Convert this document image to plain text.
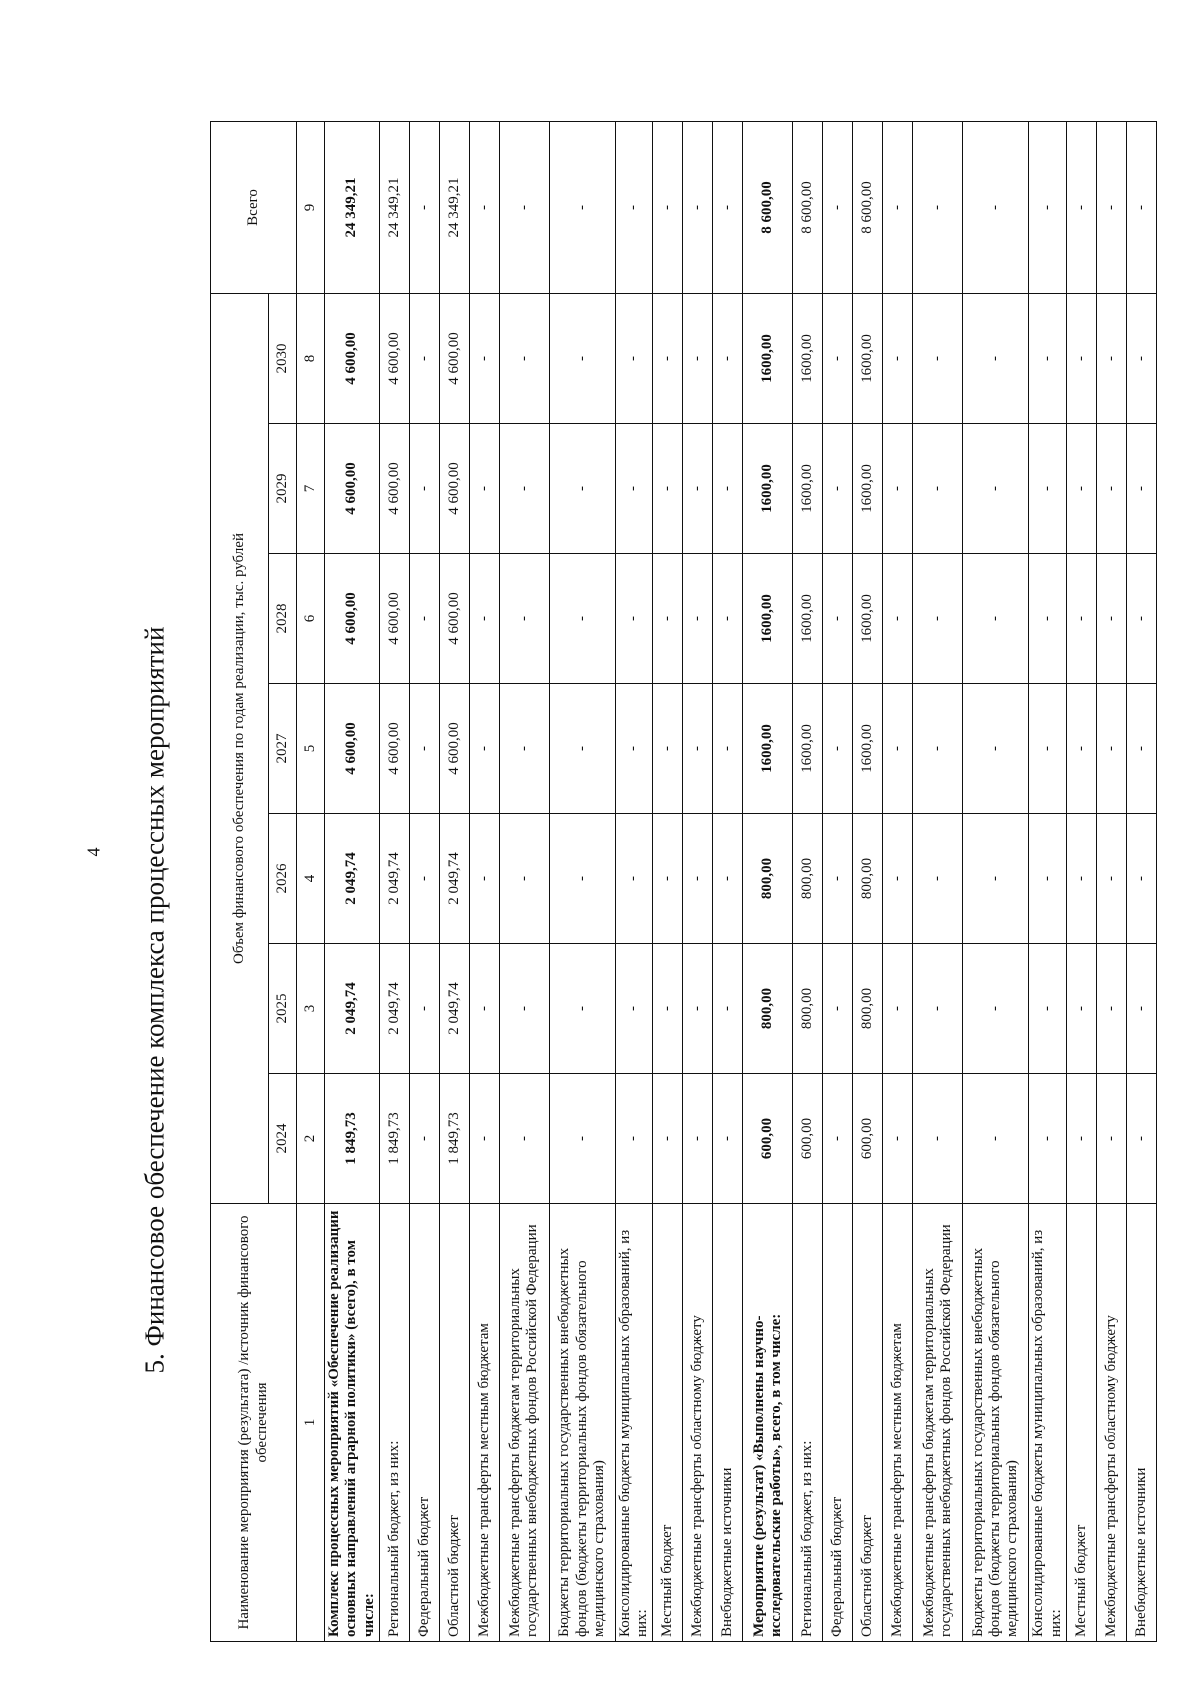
4 5. Финансовое обеспечение комплекса процессных мероприятий
Наименование мероприятия (результата) /источник финансового обеспечения	Объем финансового обеспечения по годам реализации, тыс. рублей							Всего
	2024	2025	2026	2027	2028	2029	2030	
1	2	3	4	5	6	7	8	9
Комплекс процессных мероприятий «Обеспечение реализации основных направлений аграрной политики» (всего), в том числе:	1 849,73	2 049,74	2 049,74	4 600,00	4 600,00	4 600,00	4 600,00	24 349,21
Региональный бюджет, из них:	1 849,73	2 049,74	2 049,74	4 600,00	4 600,00	4 600,00	4 600,00	24 349,21
Федеральный бюджет	-	-	-	-	-	-	-	-
Областной бюджет	1 849,73	2 049,74	2 049,74	4 600,00	4 600,00	4 600,00	4 600,00	24 349,21
Межбюджетные трансферты местным бюджетам	-	-	-	-	-	-	-	-
Межбюджетные трансферты бюджетам территориальных государственных внебюджетных фондов Российской Федерации	-	-	-	-	-	-	-	-
Бюджеты территориальных государственных внебюджетных фондов (бюджеты территориальных фондов обязательного медицинского страхования)	-	-	-	-	-	-	-	-
Консолидированные бюджеты муниципальных образований, из них:	-	-	-	-	-	-	-	-
Местный бюджет	-	-	-	-	-	-	-	-
Межбюджетные трансферты областному бюджету	-	-	-	-	-	-	-	-
Внебюджетные источники	-	-	-	-	-	-	-	-
Мероприятие (результат) «Выполнены научно-исследовательские работы», всего, в том числе:	600,00	800,00	800,00	1600,00	1600,00	1600,00	1600,00	8 600,00
Региональный бюджет, из них:	600,00	800,00	800,00	1600,00	1600,00	1600,00	1600,00	8 600,00
Федеральный бюджет	-	-	-	-	-	-	-	-
Областной бюджет	600,00	800,00	800,00	1600,00	1600,00	1600,00	1600,00	8 600,00
Межбюджетные трансферты местным бюджетам	-	-	-	-	-	-	-	-
Межбюджетные трансферты бюджетам территориальных государственных внебюджетных фондов Российской Федерации	-	-	-	-	-	-	-	-
Бюджеты территориальных государственных внебюджетных фондов (бюджеты территориальных фондов обязательного медицинского страхования)	-	-	-	-	-	-	-	-
Консолидированные бюджеты муниципальных образований, из них:	-	-	-	-	-	-	-	-
Местный бюджет	-	-	-	-	-	-	-	-
Межбюджетные трансферты областному бюджету	-	-	-	-	-	-	-	-
Внебюджетные источники	-	-	-	-	-	-	-	-
